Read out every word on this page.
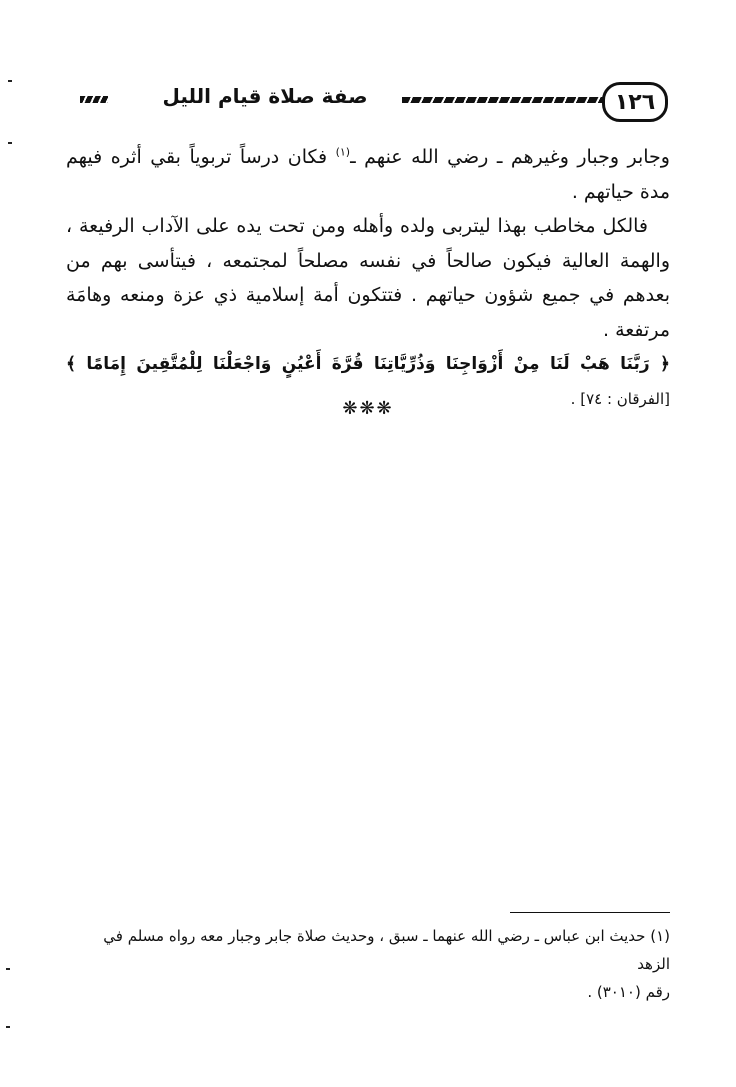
١٢٦
صفة صلاة قيام الليل

وجابر وجبار وغيرهم ـ رضي الله عنهم ـ$^{(١)}$ فكان درساً تربوياً بقي أثره فيهم مدة حياتهم .

فالكل مخاطب بهذا ليتربى ولده وأهله ومن تحت يده على الآداب الرفيعة ، والهمة العالية فيكون صالحاً في نفسه مصلحاً لمجتمعه ، فيتأسى بهم من بعدهم في جميع شؤون حياتهم . فتتكون أمة إسلامية ذي عزة ومنعه وهامَة مرتفعة .

﴿ رَبَّنَا هَبْ لَنَا مِنْ أَزْوَاجِنَا وَذُرِّيَّاتِنَا قُرَّةَ أَعْيُنٍ وَاجْعَلْنَا لِلْمُتَّقِينَ إِمَامًا ﴾ [الفرقان : ٧٤] .

❋❋❋

(١) حديث ابن عباس ـ رضي الله عنهما ـ سبق ، وحديث صلاة جابر وجبار معه رواه مسلم في الزهد

رقم (٣٠١٠) .
